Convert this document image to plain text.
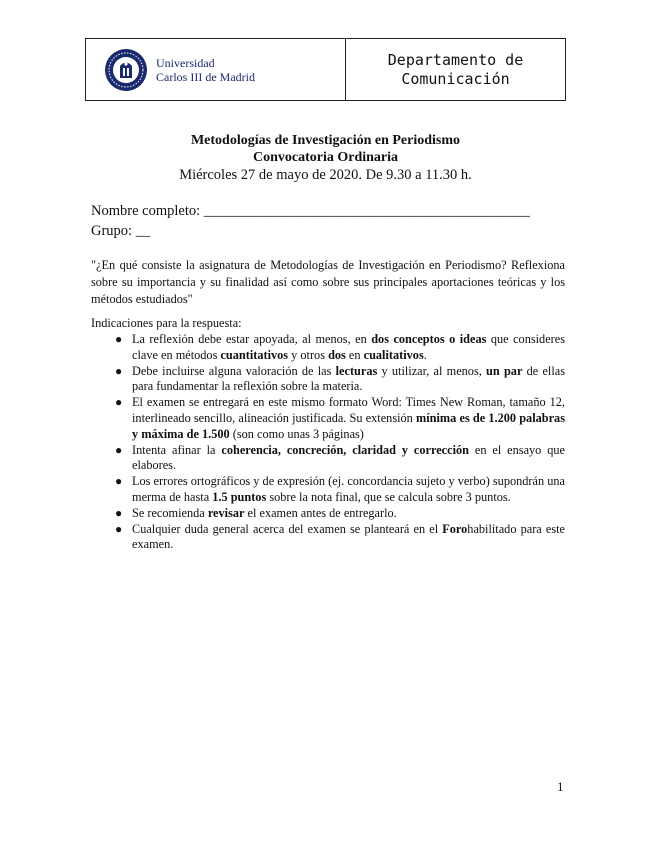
Universidad
Carlos III de Madrid
Departamento de
Comunicación
Metodologías de Investigación en Periodismo
Convocatoria Ordinaria
Miércoles 27 de mayo de 2020. De 9.30 a 11.30 h.
Nombre completo: _____________________________________________
Grupo: __
"¿En qué consiste la asignatura de Metodologías de Investigación en Periodismo? Reflexiona sobre su importancia y su finalidad así como sobre sus principales aportaciones teóricas y los métodos estudiados"
Indicaciones para la respuesta:
● La reflexión debe estar apoyada, al menos, en dos conceptos o ideas que consideres clave en métodos cuantitativos y otros dos en cualitativos.
● Debe incluirse alguna valoración de las lecturas y utilizar, al menos, un par de ellas para fundamentar la reflexión sobre la materia.
● El examen se entregará en este mismo formato Word: Times New Roman, tamaño 12, interlineado sencillo, alineación justificada. Su extensión mínima es de 1.200 palabras y máxima de 1.500 (son como unas 3 páginas)
● Intenta afinar la coherencia, concreción, claridad y corrección en el ensayo que elabores.
● Los errores ortográficos y de expresión (ej. concordancia sujeto y verbo) supondrán una merma de hasta 1.5 puntos sobre la nota final, que se calcula sobre 3 puntos.
● Se recomienda revisar el examen antes de entregarlo.
● Cualquier duda general acerca del examen se planteará en el Forohabilitado para este examen.
1
